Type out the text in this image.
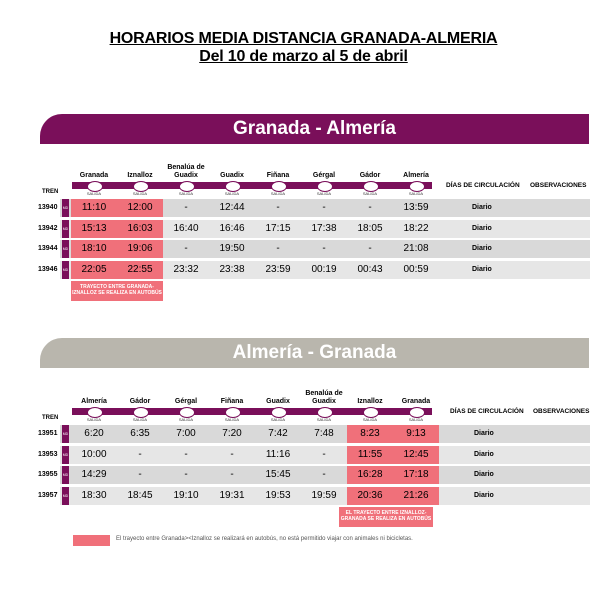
HORARIOS MEDIA DISTANCIA GRANADA-ALMERIA
Del 10 de marzo al 5 de abril
Granada - Almería
Granada	Iznalloz
Benalúa de Guadix	Guadix	Fiñana	Gérgal	Gádor	Almería
SALIDA	SALIDA	SALIDA	SALIDA	SALIDA	SALIDA	SALIDA	SALIDA
TREN
DÍAS DE CIRCULACIÓN OBSERVACIONES
13940 MD	11:10	12:00	-	12:44	-	-	-	13:59	Diario
13942 MD	15:13	16:03	16:40	16:46	17:15	17:38	18:05	18:22	Diario
13944 MD	18:10	19:06	-	19:50	-	-	-	21:08	Diario
13946 MD	22:05	22:55	23:32	23:38	23:59	00:19	00:43	00:59	Diario
TRAYECTO ENTRE GRANADA-IZNALLOZ SE REALIZA EN AUTOBÚS
Almería - Granada
Almería	Gádor	Gérgal	Fiñana	Guadix
Benalúa de Guadix	Iznalloz	Granada
SALIDA	SALIDA	SALIDA	SALIDA	SALIDA	SALIDA	SALIDA	SALIDA
TREN
DÍAS DE CIRCULACIÓN OBSERVACIONES
13951 MD	6:20	6:35	7:00	7:20	7:42	7:48	8:23	9:13	Diario
13953 MD	10:00	-	-	-	11:16	-	11:55	12:45	Diario
13955 MD	14:29	-	-	-	15:45	-	16:28	17:18	Diario
13957 MD	18:30	18:45	19:10	19:31	19:53	19:59	20:36	21:26	Diario
EL TRAYECTO ENTRE IZNALLOZ-GRANADA SE REALIZA EN AUTOBÚS
El trayecto entre Granada><Iznalloz se realizará en autobús, no está permitido viajar con animales ni bicicletas.
